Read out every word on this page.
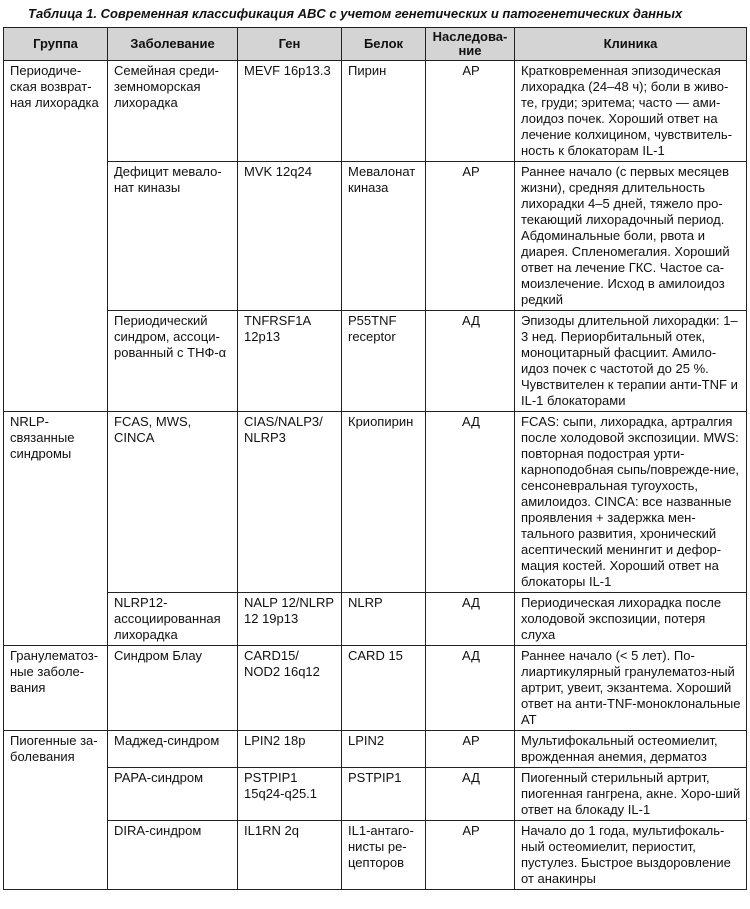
Таблица 1. Современная классификация ABC с учетом генетических и патогенетических данных
Группа	Заболевание	Ген	Белок	Наследова-ние	Клиника
Периодиче-ская возврат-ная лихорадка	Семейная среди-земноморская лихорадка	MEVF 16p13.3	Пирин	АР	Кратковременная эпизодическая лихорадка (24–48 ч); боли в живо-те, груди; эритема; часто — ами-лоидоз почек. Хороший ответ на лечение колхицином, чувствитель-ность к блокаторам IL-1
	Дефицит мевало-нат киназы	MVK 12q24	Мевалонат киназа	АР	Раннее начало (с первых месяцев жизни), средняя длительность лихорадки 4–5 дней, тяжело про-текающий лихорадочный период. Абдоминальные боли, рвота и диарея. Спленомегалия. Хороший ответ на лечение ГКС. Частое са-моизлечение. Исход в амилоидоз редкий
	Периодический синдром, ассоци-рованный с ТНФ-α	TNFRSF1A 12p13	P55TNF receptor	АД	Эпизоды длительной лихорадки: 1–3 нед. Периорбитальный отек, моноцитарный фасциит. Амило-идоз почек с частотой до 25 %. Чувствителен к терапии анти-TNF и IL-1 блокаторами
NRLP-связанные синдромы	FCAS, MWS, CINCA	CIAS/NALP3/ NLRP3	Криопирин	АД	FCAS: сыпи, лихорадка, артралгия после холодовой экспозиции. MWS: повторная подострая урти-карноподобная сыпь/поврежде-ние, сенсоневральная тугоухость, амилоидоз. CINCA: все названные проявления + задержка мен-тального развития, хронический асептический менингит и дефор-мация костей. Хороший ответ на блокаторы IL-1
	NLRP12-ассоциированная лихорадка	NALP 12/NLRP 12 19p13	NLRP	АД	Периодическая лихорадка после холодовой экспозиции, потеря слуха
Гранулематоз-ные заболе-вания	Синдром Блау	CARD15/ NOD2 16q12	CARD 15	АД	Раннее начало (< 5 лет). По-лиартикулярный гранулематоз-ный артрит, увеит, экзантема. Хороший ответ на анти-TNF-моноклональные АТ
Пиогенные за-болевания	Маджед-синдром	LPIN2 18p	LPIN2	АР	Мультифокальный остеомиелит, врожденная анемия, дерматоз
	PAPA-синдром	PSTPIP1 15q24-q25.1	PSTPIP1	АД	Пиогенный стерильный артрит, пиогенная гангрена, акне. Хоро-ший ответ на блокаду IL-1
	DIRA-синдром	IL1RN 2q	IL1-антаго-нисты ре-цепторов	АР	Начало до 1 года, мультифокаль-ный остеомиелит, периостит, пустулез. Быстрое выздоровление от анакинры
